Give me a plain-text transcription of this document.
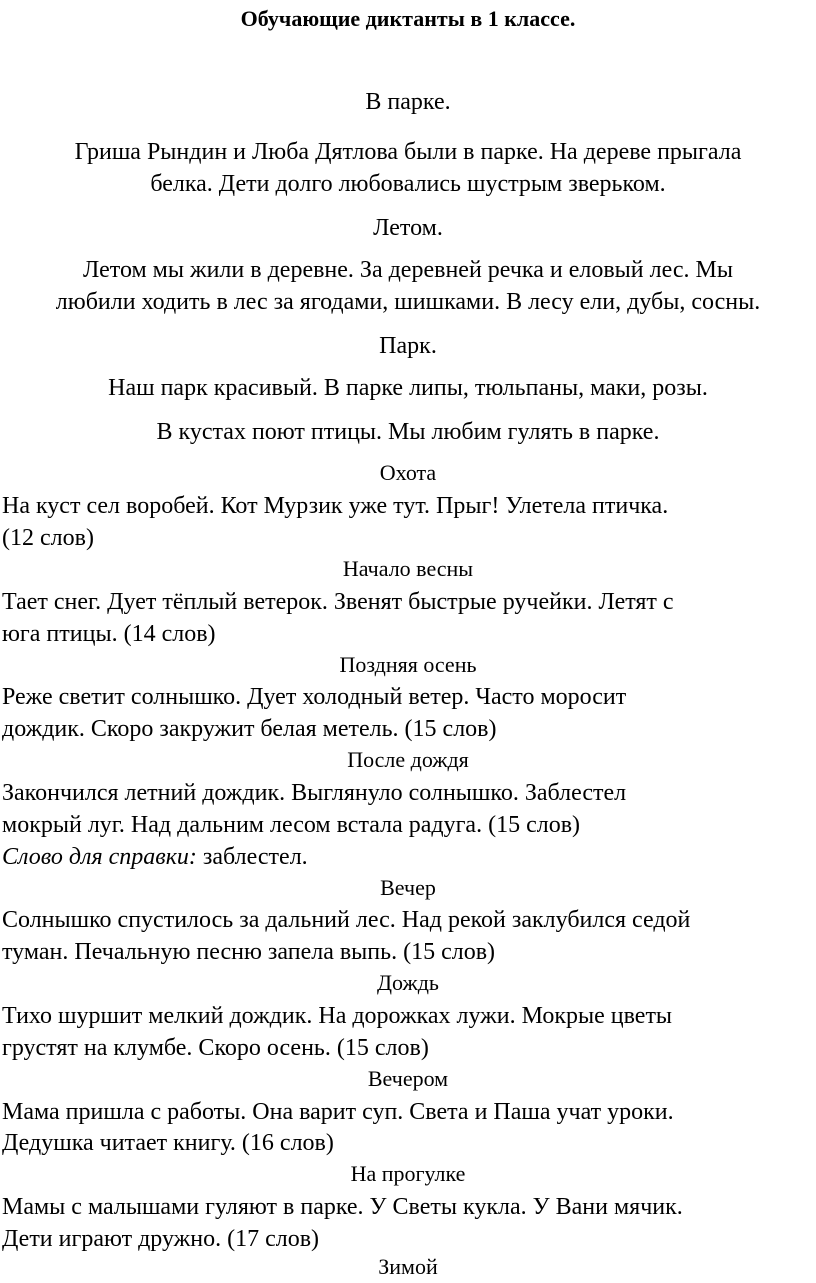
Обучающие диктанты в 1 классе.
В парке.
Гриша Рындин и Люба Дятлова были в парке. На дереве прыгала
белка. Дети долго любовались шустрым зверьком.
Летом.
Летом мы жили в деревне. За деревней речка и еловый лес. Мы
любили ходить в лес за ягодами, шишками. В лесу ели, дубы, сосны.
Парк.
Наш парк красивый. В парке липы, тюльпаны, маки, розы.
В кустах поют птицы. Мы любим гулять в парке.
Охота
На куст сел воробей. Кот Мурзик уже тут. Прыг! Улетела птичка.
(12 слов)
Начало весны
Тает снег. Дует тёплый ветерок. Звенят быстрые ручейки. Летят с
юга птицы. (14 слов)
Поздняя осень
Реже светит солнышко. Дует холодный ветер. Часто моросит
дождик. Скоро закружит белая метель. (15 слов)
После дождя
Закончился летний дождик. Выглянуло солнышко. Заблестел
мокрый луг. Над дальним лесом встала радуга. (15 слов)
Слово для справки: заблестел.
Вечер
Солнышко спустилось за дальний лес. Над рекой заклубился седой
туман. Печальную песню запела выпь. (15 слов)
Дождь
Тихо шуршит мелкий дождик. На дорожках лужи. Мокрые цветы
грустят на клумбе. Скоро осень. (15 слов)
Вечером
Мама пришла с работы. Она варит суп. Света и Паша учат уроки.
Дедушка читает книгу. (16 слов)
На прогулке
Мамы с малышами гуляют в парке. У Светы кукла. У Вани мячик.
Дети играют дружно. (17 слов)
Зимой
